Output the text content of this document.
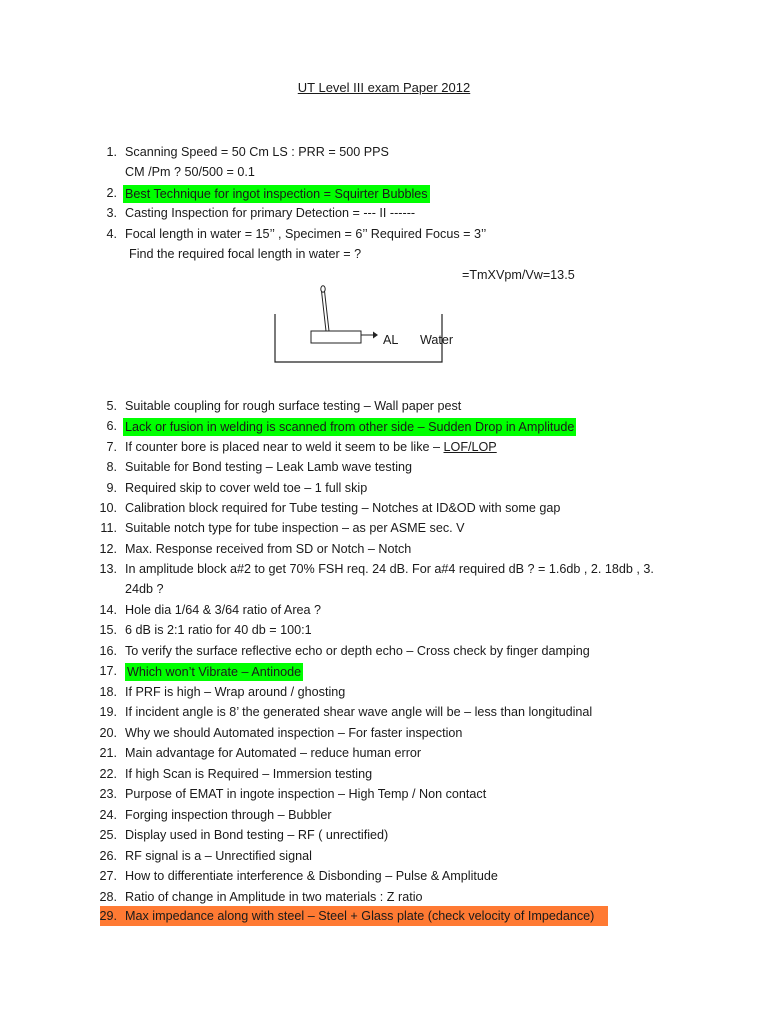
UT Level III exam Paper 2012
1. Scanning Speed = 50 Cm LS : PRR = 500 PPS
CM /Pm ? 50/500 = 0.1
2. Best Technique for ingot inspection = Squirter Bubbles
3. Casting Inspection for primary Detection = --- II ------
4. Focal length in water = 15’’ , Specimen = 6’’ Required Focus = 3’’
Find the required focal length in water = ?
=TmXVpm/Vw=13.5
AL Water
5. Suitable coupling for rough surface testing – Wall paper pest
6. Lack or fusion in welding is scanned from other side – Sudden Drop in Amplitude
7. If counter bore is placed near to weld it seem to be like – LOF/LOP
8. Suitable for Bond testing – Leak Lamb wave testing
9. Required skip to cover weld toe – 1 full skip
10. Calibration block required for Tube testing – Notches at ID&OD with some gap
11. Suitable notch type for tube inspection – as per ASME sec. V
12. Max. Response received from SD or Notch – Notch
13. In amplitude block a#2 to get 70% FSH req. 24 dB. For a#4 required dB ? = 1.6db , 2. 18db , 3.
24db ?
14. Hole dia 1/64 & 3/64 ratio of Area ?
15. 6 dB is 2:1 ratio for 40 db = 100:1
16. To verify the surface reflective echo or depth echo – Cross check by finger damping
17. Which won’t Vibrate – Antinode
18. If PRF is high – Wrap around / ghosting
19. If incident angle is 8’ the generated shear wave angle will be – less than longitudinal
20. Why we should Automated inspection – For faster inspection
21. Main advantage for Automated – reduce human error
22. If high Scan is Required – Immersion testing
23. Purpose of EMAT in ingote inspection – High Temp / Non contact
24. Forging inspection through – Bubbler
25. Display used in Bond testing – RF ( unrectified)
26. RF signal is a – Unrectified signal
27. How to differentiate interference & Disbonding – Pulse & Amplitude
28. Ratio of change in Amplitude in two materials : Z ratio
29. Max impedance along with steel – Steel + Glass plate (check velocity of Impedance)
